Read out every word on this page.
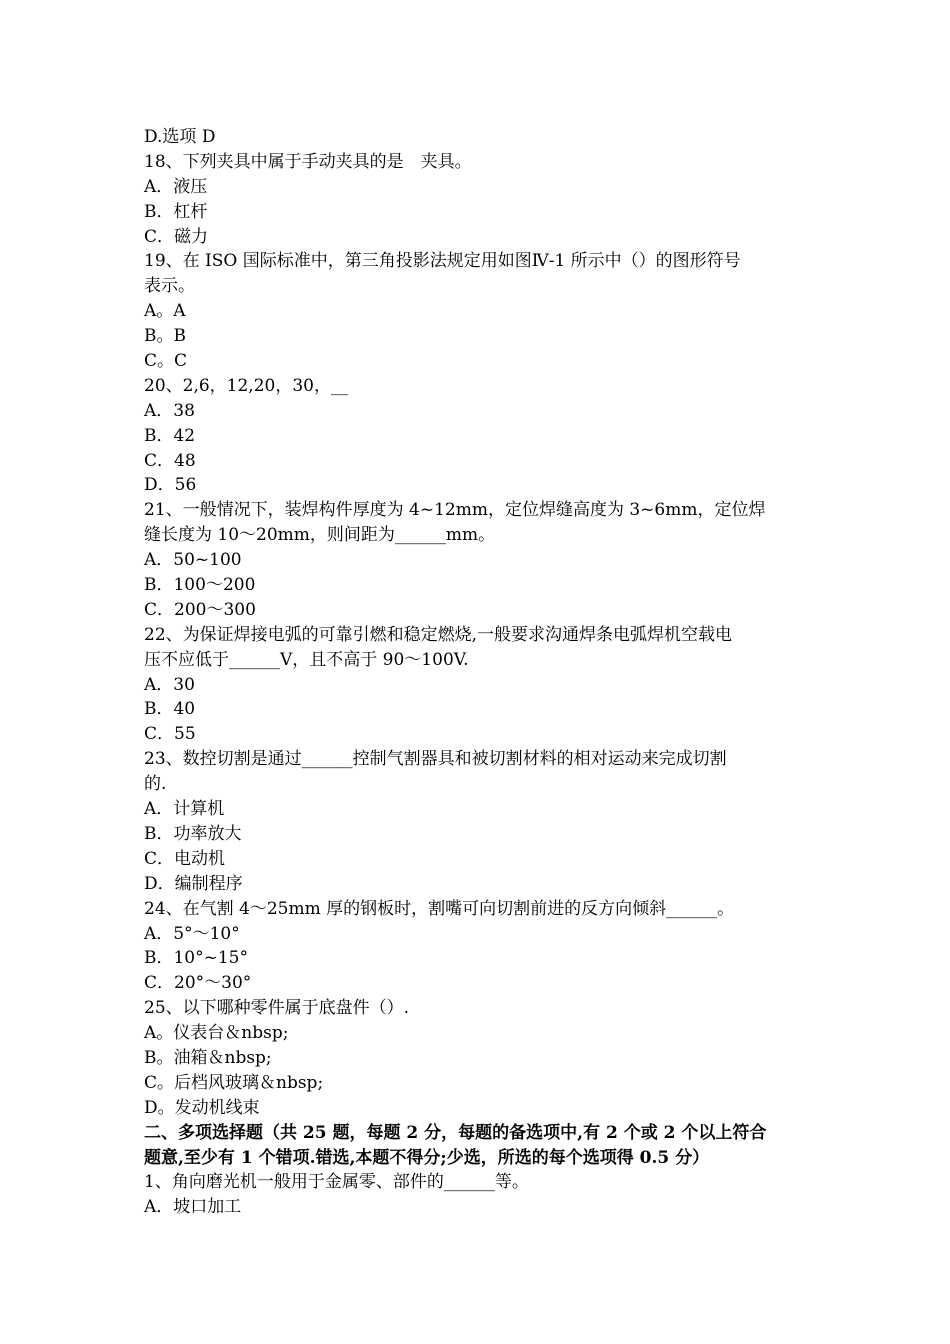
D.选项 D
18、下列夹具中属于手动夹具的是　夹具。
A．液压
B．杠杆
C．磁力
19、在 ISO 国际标准中，第三角投影法规定用如图Ⅳ-1 所示中（）的图形符号
表示。
A。A
B。B
C。C
20、2,6，12,20，30，__
A．38
B．42
C．48
D．56
21、一般情况下，装焊构件厚度为 4~12mm，定位焊缝高度为 3~6mm，定位焊
缝长度为 10～20mm，则间距为______mm。
A．50~100
B．100～200
C．200～300
22、为保证焊接电弧的可靠引燃和稳定燃烧,一般要求沟通焊条电弧焊机空载电
压不应低于______V，且不高于 90～100V.
A．30
B．40
C．55
23、数控切割是通过______控制气割器具和被切割材料的相对运动来完成切割
的.
A．计算机
B．功率放大
C．电动机
D．编制程序
24、在气割 4～25mm 厚的钢板时，割嘴可向切割前进的反方向倾斜______。
A．5°～10°
B．10°~15°
C．20°～30°
25、以下哪种零件属于底盘件（）.
A。仪表台＆nbsp;
B。油箱＆nbsp;
C。后档风玻璃＆nbsp;
D。发动机线束
二、多项选择题（共 25 题，每题 2 分，每题的备选项中,有 2 个或 2 个以上符合
题意,至少有 1 个错项.错选,本题不得分;少选，所选的每个选项得 0.5 分）
1、角向磨光机一般用于金属零、部件的______等。
A．坡口加工
